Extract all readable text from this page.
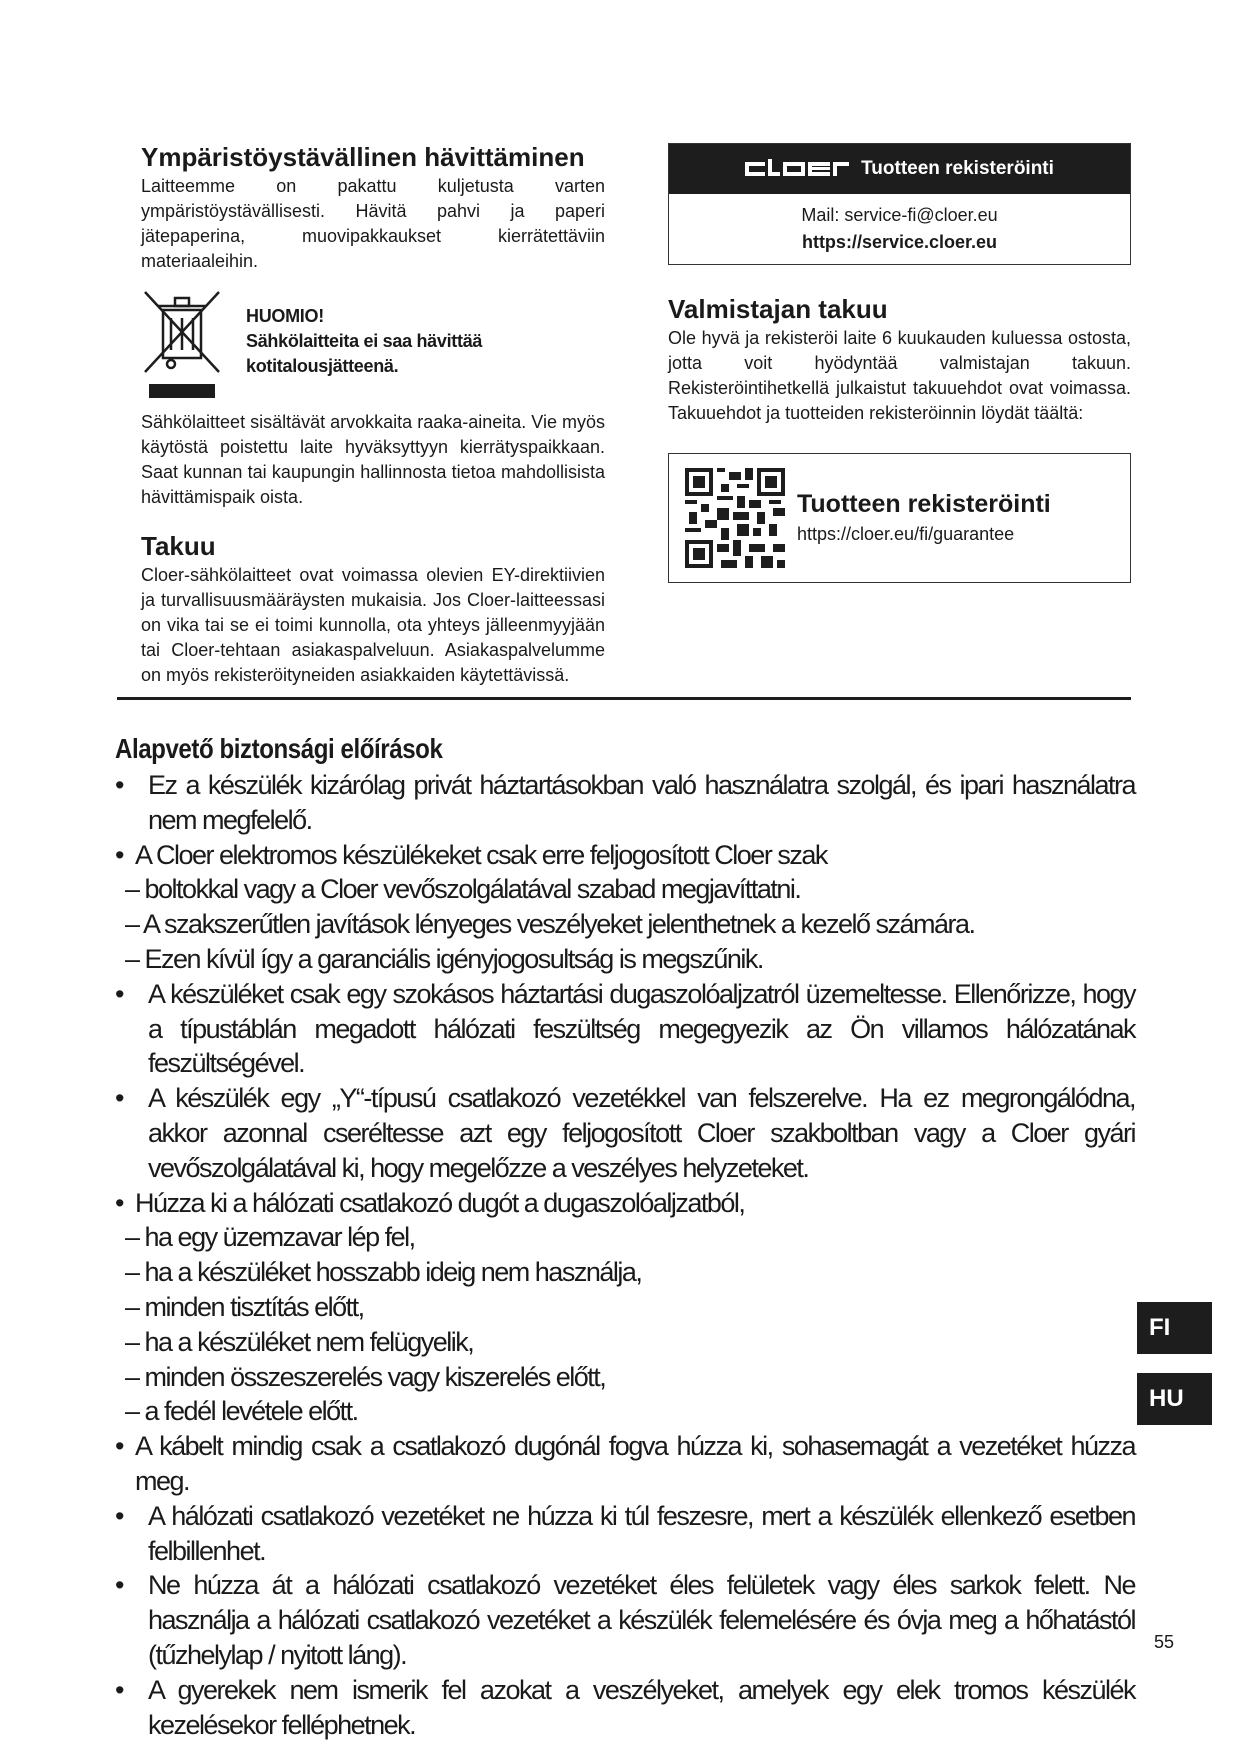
Ympäristöystävällinen hävittäminen

Laitteemme on pakattu kuljetusta varten ympäristöystävällisesti. Hävitä pahvi ja paperi jätepaperina, muovipakkaukset kierrätettäviin materiaaleihin.

HUOMIO!
Sähkölaitteita ei saa hävittää
kotitalousjätteenä.

Sähkölaitteet sisältävät arvokkaita raaka-aineita. Vie myös käytöstä poistettu laite hyväksyttyyn kierrätyspaikkaan. Saat kunnan tai kaupungin hallinnosta tietoa mahdollisista hävittämispaik oista.

Takuu

Cloer-sähkölaitteet ovat voimassa olevien EY-direktiivien ja turvallisuusmääräysten mukaisia. Jos Cloer-laitteessasi on vika tai se ei toimi kunnolla, ota yhteys jälleenmyyjään tai Cloer-tehtaan asiakaspalveluun. Asiakaspalvelumme on myös rekisteröityneiden asiakkaiden käytettävissä.

Tuotteen rekisteröinti
Mail: service-fi@cloer.eu
https://service.cloer.eu
Valmistajan takuu

Ole hyvä ja rekisteröi laite 6 kuukauden kuluessa ostosta, jotta voit hyödyntää valmistajan takuun. Rekisteröintihetkellä julkaistut takuuehdot ovat voimassa. Takuuehdot ja tuotteiden rekisteröinnin löydät täältä:

Tuotteen rekisteröinti
https://cloer.eu/fi/guarantee
Alapvető biztonsági előírások
• Ez a készülék kizárólag privát háztartásokban való használatra szolgál, és ipari használatra nem megfelelő.
• A Cloer elektromos készülékeket csak erre feljogosított Cloer szak
– boltokkal vagy a Cloer vevőszolgálatával szabad megjavíttatni.
– A szakszerűtlen javítások lényeges veszélyeket jelenthetnek a kezelő számára.
– Ezen kívül így a garanciális igényjogosultság is megszűnik.
• A készüléket csak egy szokásos háztartási dugaszolóaljzatról üzemeltesse. Ellenőrizze, hogy a típustáblán megadott hálózati feszültség megegyezik az Ön villamos hálózatának feszültségével.
• A készülék egy „Y“-típusú csatlakozó vezetékkel van felszerelve. Ha ez megrongálódna, akkor azonnal cseréltesse azt egy feljogosított Cloer szakboltban vagy a Cloer gyári vevőszolgálatával ki, hogy megelőzze a veszélyes helyzeteket.
• Húzza ki a hálózati csatlakozó dugót a dugaszolóaljzatból,
– ha egy üzemzavar lép fel,
– ha a készüléket hosszabb ideig nem használja,
– minden tisztítás előtt,
– ha a készüléket nem felügyelik,
– minden összeszerelés vagy kiszerelés előtt,
– a fedél levétele előtt.
• A kábelt mindig csak a csatlakozó dugónál fogva húzza ki, sohasemagát a vezetéket húzza meg.
• A hálózati csatlakozó vezetéket ne húzza ki túl feszesre, mert a készülék ellenkező esetben felbillenhet.
• Ne húzza át a hálózati csatlakozó vezetéket éles felületek vagy éles sarkok felett. Ne használja a hálózati csatlakozó vezetéket a készülék felemelésére és óvja meg a hőhatástól (tűzhelylap / nyitott láng).
• A gyerekek nem ismerik fel azokat a veszélyeket, amelyek egy elek tromos készülék kezelésekor felléphetnek.
FI
HU
55
